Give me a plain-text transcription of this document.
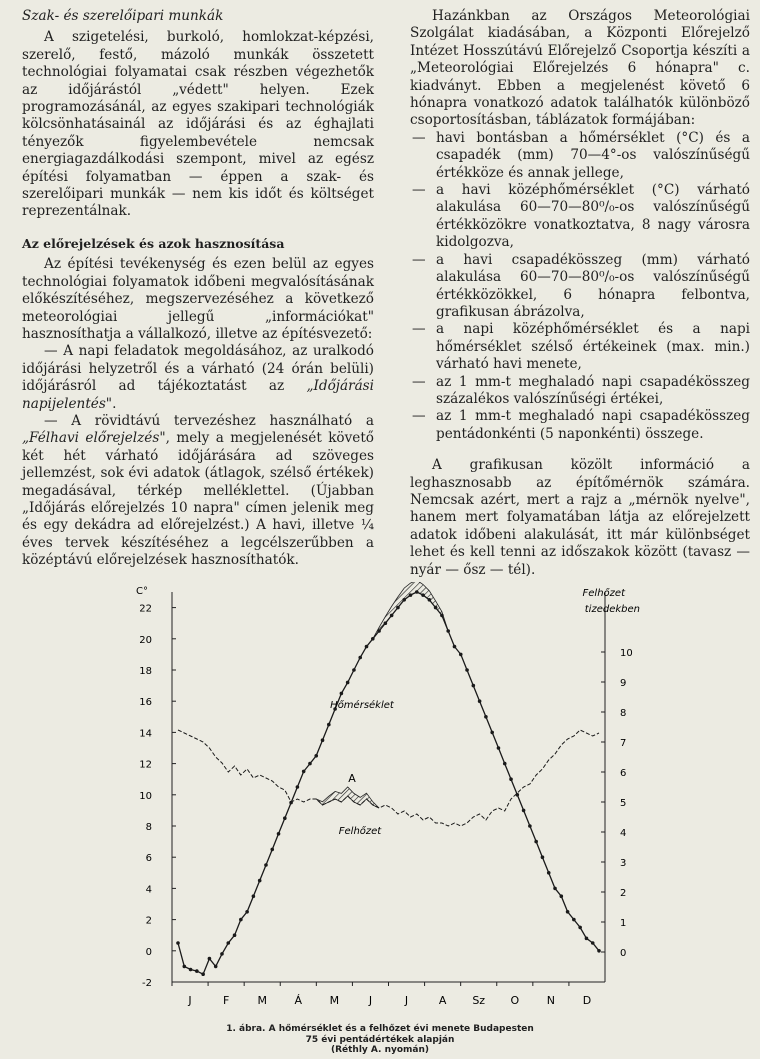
Szak- és szerelőipari munkák

A szigetelési, burkoló, homlokzat-képzési, szerelő, festő, mázoló munkák összetett technológiai folyamatai csak részben végezhetők az időjárástól „védett" helyen. Ezek programozásánál, az egyes szakipari technológiák kölcsönhatásainál az időjárási és az éghajlati tényezők figyelembevétele nemcsak energiagazdálkodási szempont, mivel az egész építési folyamatban — éppen a szak- és szerelőipari munkák — nem kis időt és költséget reprezentálnak.

Az előrejelzések és azok hasznosítása

Az építési tevékenység és ezen belül az egyes technológiai folyamatok időbeni megvalósításának előkészítéséhez, megszervezéséhez a következő meteorológiai jellegű „információkat" hasznosíthatja a vállalkozó, illetve az építésvezető:

— A napi feladatok megoldásához, az uralkodó időjárási helyzetről és a várható (24 órán belüli) időjárásról ad tájékoztatást az „Időjárási napijelentés".

— A rövidtávú tervezéshez használható a „Félhavi előrejelzés", mely a megjelenését követő két hét várható időjárására ad szöveges jellemzést, sok évi adatok (átlagok, szélső értékek) megadásával, térkép melléklettel. (Újabban „Időjárás előrejelzés 10 napra" címen jelenik meg és egy dekádra ad előrejelzést.) A havi, illetve ¼ éves tervek készítéséhez a legcélszerűbben a középtávú előrejelzések hasznosíthatók.

Hazánkban az Országos Meteorológiai Szolgálat kiadásában, a Központi Előrejelző Intézet Hosszútávú Előrejelző Csoportja készíti a „Meteorológiai Előrejelzés 6 hónapra" c. kiadványt. Ebben a megjelenést követő 6 hónapra vonatkozó adatok találhatók különböző csoportosításban, táblázatok formájában:

— havi bontásban a hőmérséklet (°C) és a csapadék (mm) 70—4°-os valószínűségű értékköze és annak jellege,
— a havi középhőmérséklet (°C) várható alakulása 60—70—80⁰/₀-os valószínűségű értékközökre vonatkoztatva, 8 nagy városra kidolgozva,
— a havi csapadékösszeg (mm) várható alakulása 60—70—80⁰/₀-os valószínűségű értékközökkel, 6 hónapra felbontva, grafikusan ábrázolva,
— a napi középhőmérséklet és a napi hőmérséklet szélső értékeinek (max. min.) várható havi menete,
— az 1 mm-t meghaladó napi csapadékösszeg százalékos valószínűségi értékei,
— az 1 mm-t meghaladó napi csapadékösszeg pentádonkénti (5 naponkénti) összege.

A grafikusan közölt információ a leghasznosabb az építőmérnök számára. Nemcsak azért, mert a rajz a „mérnök nyelve", hanem mert folyamatában látja az előrejelzett adatok időbeni alakulását, itt már különbséget lehet és kell tenni az időszakok között (tavasz — nyár — ősz — tél).

C°
22
20
18
16
14
12
10
8
6
4
2
0
-2
Felhőzet
tizedekben
10
9
8
7
6
5
4
3
2
1
0
J	F	M	Á	M	J	J	A Sz O	N	D
Hőmérséklet
Felhőzet
A
1. ábra. A hőmérséklet és a felhőzet évi menete Budapesten
75 évi pentádértékek alapján
(Réthly A. nyomán)
